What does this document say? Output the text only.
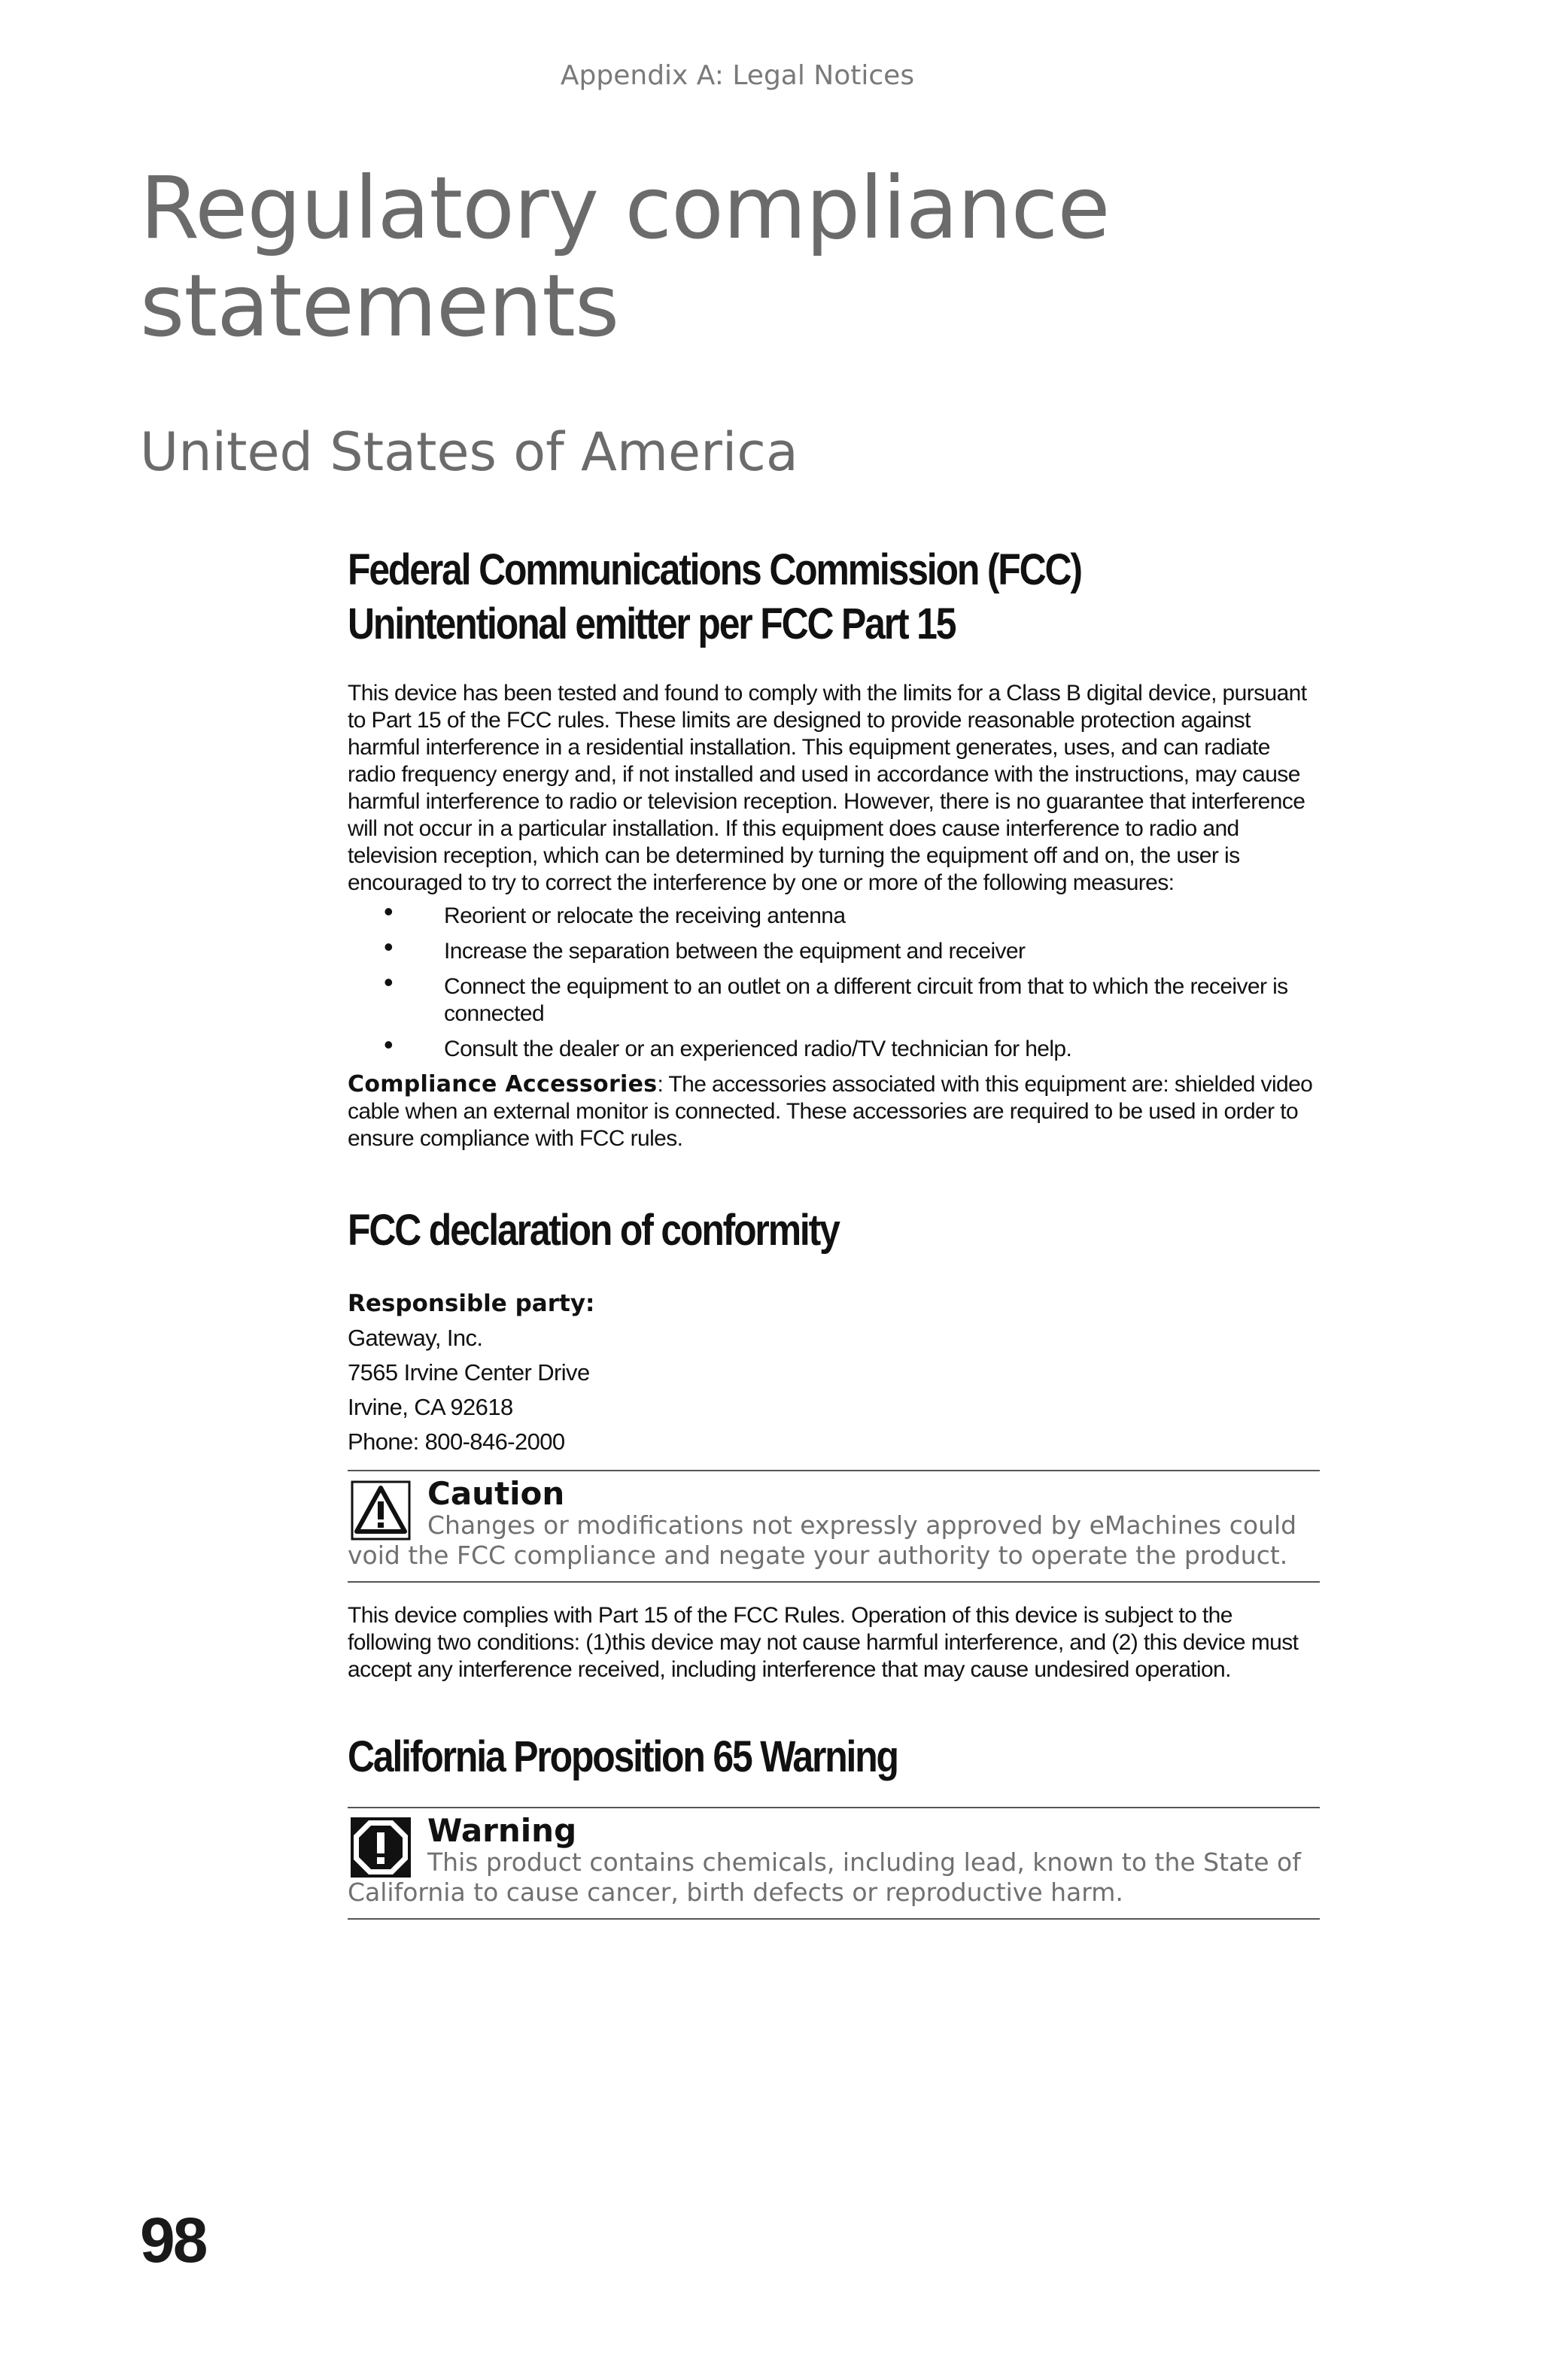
Appendix A: Legal Notices
Regulatory compliance statements
United States of America
Federal Communications Commission (FCC)
Unintentional emitter per FCC Part 15

This device has been tested and found to comply with the limits for a Class B digital device, pursuant to Part 15 of the FCC rules. These limits are designed to provide reasonable protection against harmful interference in a residential installation. This equipment generates, uses, and can radiate radio frequency energy and, if not installed and used in accordance with the instructions, may cause harmful interference to radio or television reception. However, there is no guarantee that interference will not occur in a particular installation. If this equipment does cause interference to radio and television reception, which can be determined by turning the equipment off and on, the user is encouraged to try to correct the interference by one or more of the following measures:

• Reorient or relocate the receiving antenna
• Increase the separation between the equipment and receiver
• Connect the equipment to an outlet on a different circuit from that to which the receiver is connected
• Consult the dealer or an experienced radio/TV technician for help.

Compliance Accessories: The accessories associated with this equipment are: shielded video cable when an external monitor is connected. These accessories are required to be used in order to ensure compliance with FCC rules.

FCC declaration of conformity
Responsible party:
Gateway, Inc.
7565 Irvine Center Drive
Irvine, CA 92618
Phone: 800-846-2000
Caution
Changes or modifications not expressly approved by eMachines could void the FCC compliance and negate your authority to operate the product.

This device complies with Part 15 of the FCC Rules. Operation of this device is subject to the following two conditions: (1)this device may not cause harmful interference, and (2) this device must accept any interference received, including interference that may cause undesired operation.

California Proposition 65 Warning
Warning
This product contains chemicals, including lead, known to the State of California to cause cancer, birth defects or reproductive harm.
98
